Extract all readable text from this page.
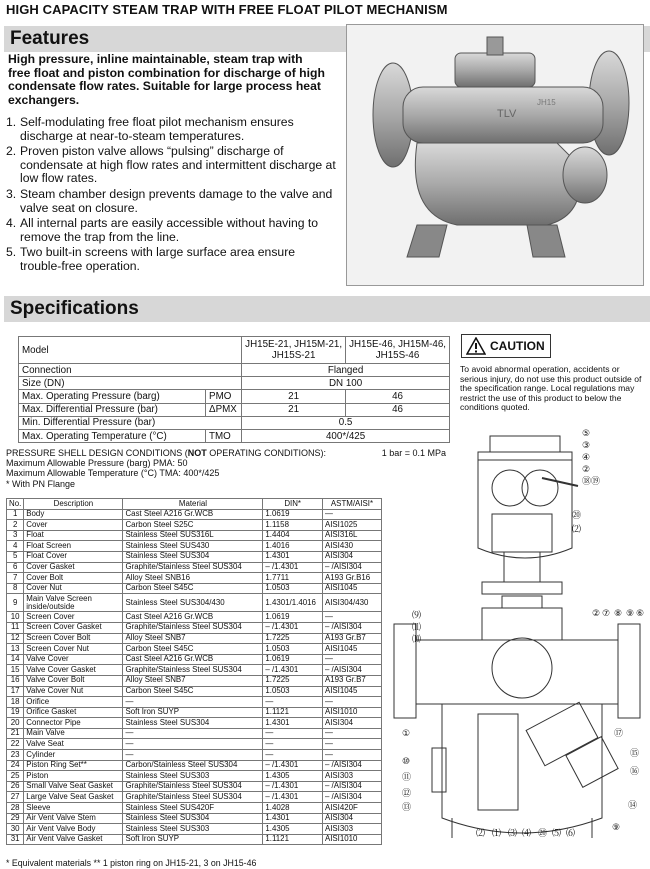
HIGH CAPACITY STEAM TRAP WITH FREE FLOAT PILOT MECHANISM
Features
High pressure, inline maintainable, steam trap with free float and piston combination for discharge of high condensate flow rates. Suitable for large process heat exchangers.
1. Self-modulating free float pilot mechanism ensures discharge at near-to-steam temperatures.
2. Proven piston valve allows “pulsing” discharge of condensate at high flow rates and intermittent discharge at low flow rates.
3. Steam chamber design prevents damage to the valve and valve seat on closure.
4. All internal parts are easily accessible without having to remove the trap from the line.
5. Two built-in screens with large surface area ensure trouble-free operation.
TLV
JH15
Specifications
Model		JH15E-21, JH15M-21, JH15S-21	JH15E-46, JH15M-46, JH15S-46
Connection		Flanged	
Size (DN)		DN 100	
Max. Operating Pressure (barg)	PMO	21	46
Max. Differential Pressure (bar)	ΔPMX	21	46
Min. Differential Pressure (bar)		0.5	
Max. Operating Temperature (°C)	TMO	400*/425	
PRESSURE SHELL DESIGN CONDITIONS (NOT OPERATING CONDITIONS):	1 bar = 0.1 MPa
Maximum Allowable Pressure (barg) PMA: 50
Maximum Allowable Temperature (°C) TMA: 400*/425
* With PN Flange
No.	Description	Material	DIN*	ASTM/AISI*
1	Body	Cast Steel A216 Gr.WCB	1.0619	—
2	Cover	Carbon Steel S25C	1.1158	AISI1025
3	Float	Stainless Steel SUS316L	1.4404	AISI316L
4	Float Screen	Stainless Steel SUS430	1.4016	AISI430
5	Float Cover	Stainless Steel SUS304	1.4301	AISI304
6	Cover Gasket	Graphite/Stainless Steel SUS304	– /1.4301	– /AISI304
7	Cover Bolt	Alloy Steel SNB16	1.7711	A193 Gr.B16
8	Cover Nut	Carbon Steel S45C	1.0503	AISI1045
9	Main Valve Screen inside/outside	Stainless Steel SUS304/430	1.4301/1.4016	AISI304/430
10	Screen Cover	Cast Steel A216 Gr.WCB	1.0619	—
11	Screen Cover Gasket	Graphite/Stainless Steel SUS304	– /1.4301	– /AISI304
12	Screen Cover Bolt	Alloy Steel SNB7	1.7225	A193 Gr.B7
13	Screen Cover Nut	Carbon Steel S45C	1.0503	AISI1045
14	Valve Cover	Cast Steel A216 Gr.WCB	1.0619	—
15	Valve Cover Gasket	Graphite/Stainless Steel SUS304	– /1.4301	– /AISI304
16	Valve Cover Bolt	Alloy Steel SNB7	1.7225	A193 Gr.B7
17	Valve Cover Nut	Carbon Steel S45C	1.0503	AISI1045
18	Orifice	—	—	—
19	Orifice Gasket	Soft Iron SUYP	1.1121	AISI1010
20	Connector Pipe	Stainless Steel SUS304	1.4301	AISI304
21	Main Valve	—	—	—
22	Valve Seat	—	—	—
23	Cylinder	—	—	—
24	Piston Ring Set**	Carbon/Stainless Steel SUS304	– /1.4301	– /AISI304
25	Piston	Stainless Steel SUS303	1.4305	AISI303
26	Small Valve Seat Gasket	Graphite/Stainless Steel SUS304	– /1.4301	– /AISI304
27	Large Valve Seat Gasket	Graphite/Stainless Steel SUS304	– /1.4301	– /AISI304
28	Sleeve	Stainless Steel SUS420F	1.4028	AISI420F
29	Air Vent Valve Stem	Stainless Steel SUS304	1.4301	AISI304
30	Air Vent Valve Body	Stainless Steel SUS303	1.4305	AISI303
31	Air Vent Valve Gasket	Soft Iron SUYP	1.1121	AISI1010
* Equivalent materials ** 1 piston ring on JH15-21, 3 on JH15-46
CAUTION
To avoid abnormal operation, accidents or serious injury, do not use this product outside of the specification range. Local regulations may restrict the use of this product to below the conditions quoted.
⑤
③
④
②
⑱⑲
⑳
⑵
⑼
⑾
⑽
⑦ ⑧ ⑨ ⑥
②
①
⑩
⑪
⑫
⑬
⑰
⑮
⑯
⑭
⑨
⑵ ⑴ ⑶ ⑷ ⑳ ⑸ ⑹
